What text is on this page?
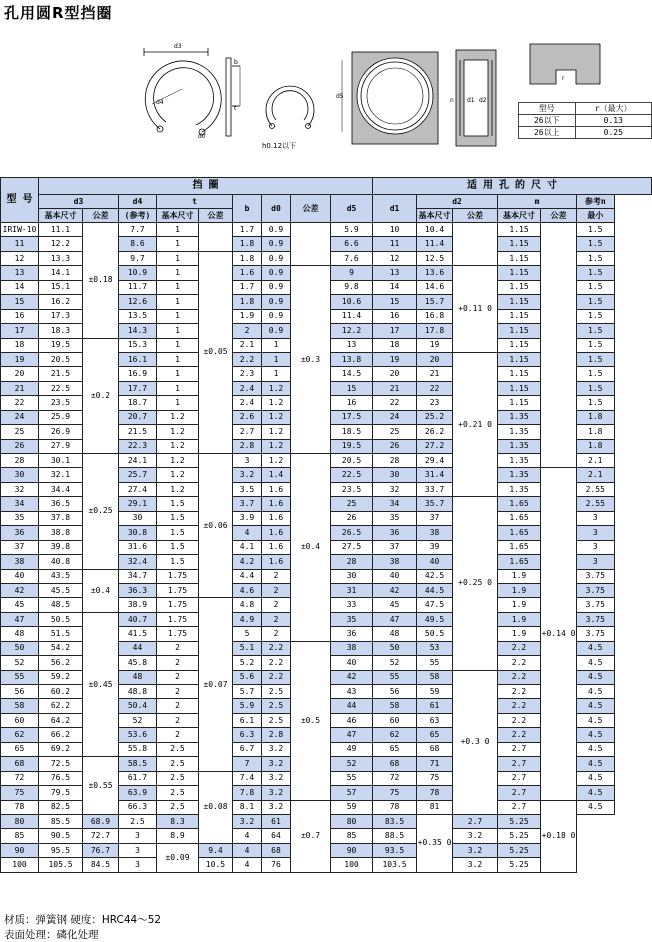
孔用圆R型挡圈
d3
d4
d0
b
t
h0.12以下
d5
d1 d2
n
r
型号	r（最大）
26以下	0.13
26以上	0.25
型 号	挡 圈									适 用 孔 的 尺 寸					
	d3		d4	t		b	d0	公差	d5	d1	d2		m		参考n
	基本尺寸	公差	(参考)	基本尺寸	公差						基本尺寸	公差	基本尺寸	公差	最小
IRIW-10	11.1	±0.18	7.7	1		1.7	0.9		5.9	10	10.4		1.15		1.5
11	12.2		8.6	1		1.8	0.9		6.6	11	11.4		1.15		1.5
12	13.3		9.7	1	±0.05	1.8	0.9		7.6	12	12.5		1.15		1.5
13	14.1		10.9	1		1.6	0.9	±0.3	9	13	13.6	+0.11 0	1.15		1.5
14	15.1		11.7	1		1.7	0.9		9.8	14	14.6		1.15		1.5
15	16.2		12.6	1		1.8	0.9		10.6	15	15.7		1.15		1.5
16	17.3		13.5	1		1.9	0.9		11.4	16	16.8		1.15		1.5
17	18.3		14.3	1		2	0.9		12.2	17	17.8		1.15		1.5
18	19.5	±0.2	15.3	1		2.1	1		13	18	19		1.15		1.5
19	20.5		16.1	1		2.2	1		13.8	19	20	+0.21 0	1.15		1.5
20	21.5		16.9	1		2.3	1		14.5	20	21		1.15		1.5
21	22.5		17.7	1		2.4	1.2		15	21	22		1.15		1.5
22	23.5		18.7	1		2.4	1.2		16	22	23		1.15		1.5
24	25.9		20.7	1.2		2.6	1.2		17.5	24	25.2		1.35		1.8
25	26.9		21.5	1.2		2.7	1.2		18.5	25	26.2		1.35		1.8
26	27.9		22.3	1.2		2.8	1.2		19.5	26	27.2		1.35		1.8
28	30.1	±0.25	24.1	1.2	±0.06	3	1.2	±0.4	20.5	28	29.4		1.35		2.1
30	32.1		25.7	1.2		3.2	1.4		22.5	30	31.4		1.35	+0.14 0	2.1
32	34.4		27.4	1.2		3.5	1.6		23.5	32	33.7		1.35		2.55
34	36.5		29.1	1.5		3.7	1.6		25	34	35.7	+0.25 0	1.65		2.55
35	37.8		30	1.5		3.9	1.6		26	35	37		1.65		3
36	38.8		30.8	1.5		4	1.6		26.5	36	38		1.65		3
37	39.8		31.6	1.5		4.1	1.6		27.5	37	39		1.65		3
38	40.8		32.4	1.5		4.2	1.6		28	38	40		1.65		3
40	43.5	±0.4	34.7	1.75		4.4	2		30	40	42.5		1.9		3.75
42	45.5		36.3	1.75		4.6	2		31	42	44.5		1.9		3.75
45	48.5		38.9	1.75	±0.07	4.8	2		33	45	47.5		1.9		3.75
47	50.5	±0.45	40.7	1.75		4.9	2		35	47	49.5		1.9		3.75
48	51.5		41.5	1.75		5	2		36	48	50.5		1.9		3.75
50	54.2		44	2		5.1	2.2	±0.5	38	50	53		2.2		4.5
52	56.2		45.8	2		5.2	2.2		40	52	55		2.2		4.5
55	59.2		48	2		5.6	2.2		42	55	58	+0.3 0	2.2		4.5
56	60.2		48.8	2		5.7	2.5		43	56	59		2.2		4.5
58	62.2		50.4	2		5.9	2.5		44	58	61		2.2		4.5
60	64.2		52	2		6.1	2.5		46	60	63		2.2		4.5
62	66.2		53.6	2		6.3	2.8		47	62	65		2.2		4.5
65	69.2		55.8	2.5		6.7	3.2		49	65	68		2.7		4.5
68	72.5	±0.55	58.5	2.5		7	3.2		52	68	71		2.7		4.5
72	76.5		61.7	2.5	±0.08	7.4	3.2		55	72	75		2.7		4.5
75	79.5		63.9	2.5		7.8	3.2		57	75	78		2.7		4.5
78	82.5		66.3	2.5		8.1	3.2	±0.7	59	78	81		2.7	+0.18 0	4.5
80	85.5	68.9	2.5	8.3		3.2	61		80	83.5	+0.35 0	2.7	5.25		
85	90.5	72.7	3	8.9		4	64		85	88.5		3.2	5.25		
90	95.5	76.7	3	±0.09	9.4	4	68		90	93.5		3.2	5.25		
100	105.5	84.5	3		10.5	4	76		100	103.5		3.2	5.25		
材质：弹簧钢 硬度：HRC44～52
表面处理：磷化处理
